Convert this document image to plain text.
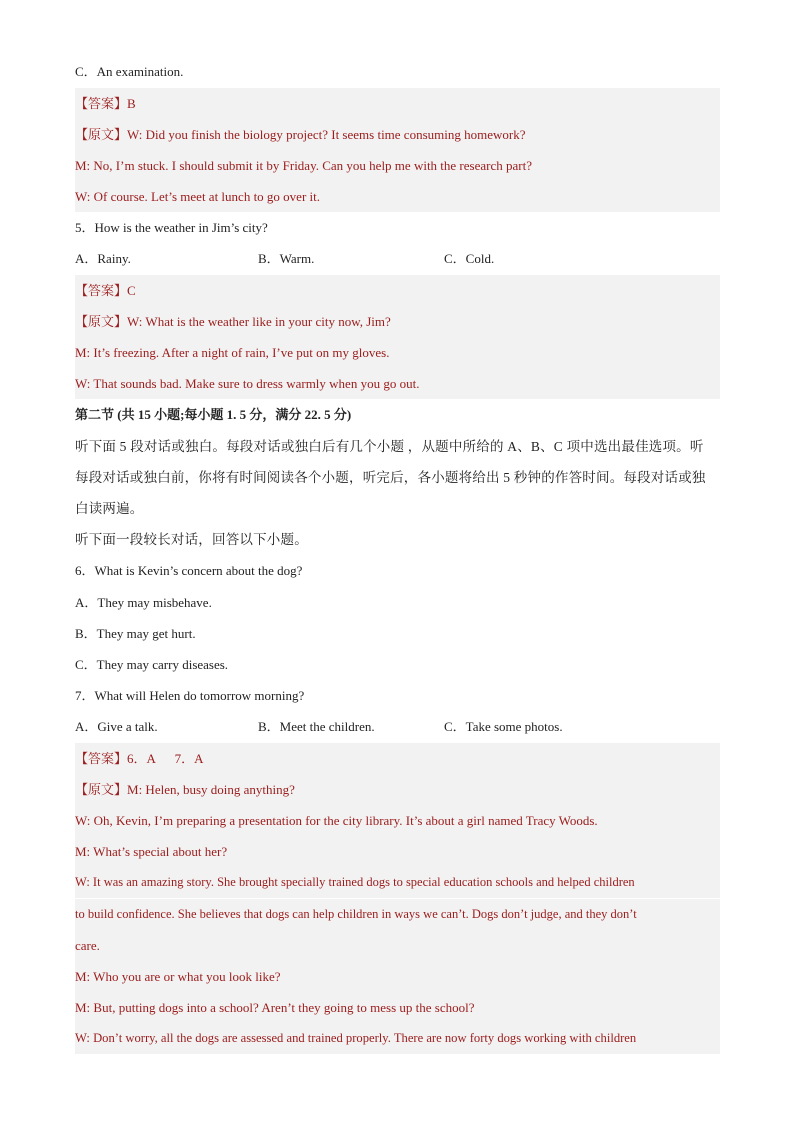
C．An examination.
【答案】B
【原文】W: Did you finish the biology project? It seems time consuming homework?
M: No, I’m stuck. I should submit it by Friday. Can you help me with the research part?
W: Of course. Let’s meet at lunch to go over it.
5．How is the weather in Jim’s city?
A．Rainy.	B．Warm.	C．Cold.
【答案】C
【原文】W: What is the weather like in your city now, Jim?
M: It’s freezing. After a night of rain, I’ve put on my gloves.
W: That sounds bad. Make sure to dress warmly when you go out.
第二节 (共 15 小题;每小题 1. 5 分，满分 22. 5 分)
听下面 5 段对话或独白。每段对话或独白后有几个小题 ，从题中所给的 A、B、C 项中选出最佳选项。听
每段对话或独白前，你将有时间阅读各个小题，听完后，各小题将给出 5 秒钟的作答时间。每段对话或独
白读两遍。
听下面一段较长对话，回答以下小题。
6．What is Kevin’s concern about the dog?
A．They may misbehave.
B．They may get hurt.
C．They may carry diseases.
7．What will Helen do tomorrow morning?
A．Give a talk.	B．Meet the children.	C．Take some photos.
【答案】6．A      7．A
【原文】M: Helen, busy doing anything?
W: Oh, Kevin, I’m preparing a presentation for the city library. It’s about a girl named Tracy Woods.
M: What’s special about her?
W: It was an amazing story. She brought specially trained dogs to special education schools and helped children
to build confidence. She believes that dogs can help children in ways we can’t. Dogs don’t judge, and they don’t
care.
M: Who you are or what you look like?
M: But, putting dogs into a school? Aren’t they going to mess up the school?
W: Don’t worry, all the dogs are assessed and trained properly. There are now forty dogs working with children
